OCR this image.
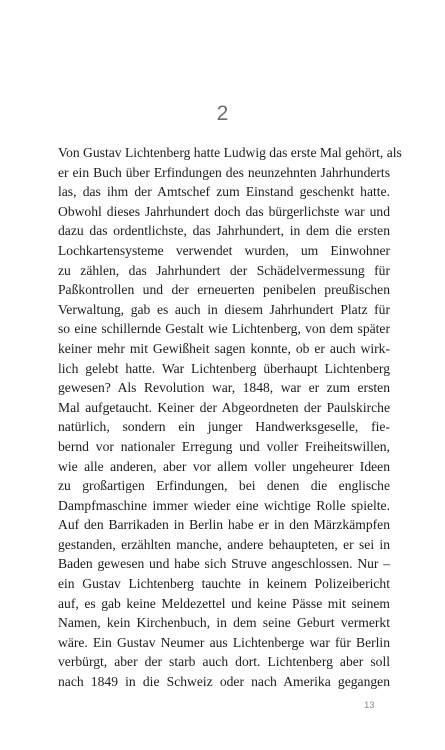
2
Von Gustav Lichtenberg hatte Ludwig das erste Mal gehört, als
er ein Buch über Erfindungen des neunzehnten Jahrhunderts
las, das ihm der Amtschef zum Einstand geschenkt hatte.
Obwohl dieses Jahrhundert doch das bürgerlichste war und
dazu das ordentlichste, das Jahrhundert, in dem die ersten
Lochkartensysteme verwendet wurden, um Einwohner
zu zählen, das Jahrhundert der Schädelvermessung für
Paßkontrollen und der erneuerten penibelen preußischen
Verwaltung, gab es auch in diesem Jahrhundert Platz für
so eine schillernde Gestalt wie Lichtenberg, von dem später
keiner mehr mit Gewißheit sagen konnte, ob er auch wirk-
lich gelebt hatte. War Lichtenberg überhaupt Lichtenberg
gewesen? Als Revolution war, 1848, war er zum ersten
Mal aufgetaucht. Keiner der Abgeordneten der Paulskirche
natürlich, sondern ein junger Handwerksgeselle, fie-
bernd vor nationaler Erregung und voller Freiheitswillen,
wie alle anderen, aber vor allem voller ungeheurer Ideen
zu großartigen Erfindungen, bei denen die englische
Dampfmaschine immer wieder eine wichtige Rolle spielte.
Auf den Barrikaden in Berlin habe er in den Märzkämpfen
gestanden, erzählten manche, andere behaupteten, er sei in
Baden gewesen und habe sich Struve angeschlossen. Nur –
ein Gustav Lichtenberg tauchte in keinem Polizeibericht
auf, es gab keine Meldezettel und keine Pässe mit seinem
Namen, kein Kirchenbuch, in dem seine Geburt vermerkt
wäre. Ein Gustav Neumer aus Lichtenberge war für Berlin
verbürgt, aber der starb auch dort. Lichtenberg aber soll
nach 1849 in die Schweiz oder nach Amerika gegangen
13
